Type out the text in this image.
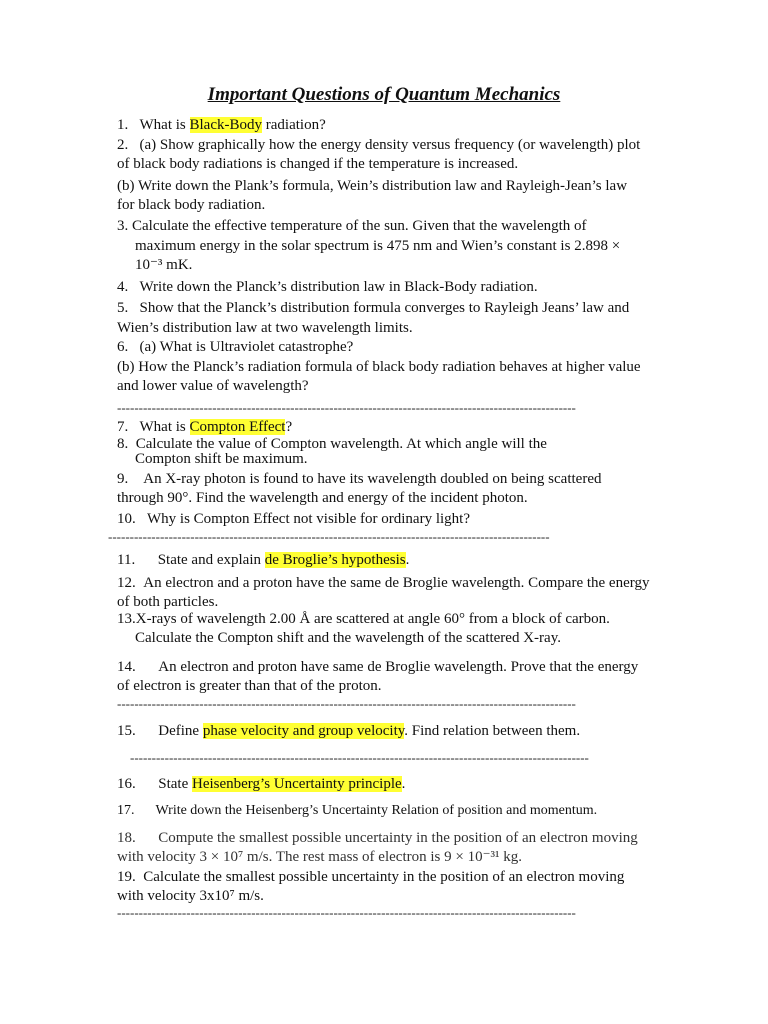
Important Questions of Quantum Mechanics
1.   What is Black-Body radiation?
2.   (a) Show graphically how the energy density versus frequency (or wavelength) plot
of black body radiations is changed if the temperature is increased.
(b) Write down the Plank’s formula, Wein’s distribution law and Rayleigh-Jean’s law
for black body radiation.
3. Calculate the effective temperature of the sun. Given that the wavelength of
maximum energy in the solar spectrum is 475 nm and Wien’s constant is 2.898 ×
10⁻³ mK.
4.   Write down the Planck’s distribution law in Black-Body radiation.
5.   Show that the Planck’s distribution formula converges to Rayleigh Jeans’ law and
Wien’s distribution law at two wavelength limits.
6.   (a) What is Ultraviolet catastrophe?
(b) How the Planck’s radiation formula of black body radiation behaves at higher value
and lower value of wavelength?
----------------------------------------------------------------------------------------------------------
7.   What is Compton Effect?
8.  Calculate the value of Compton wavelength. At which angle will the
Compton shift be maximum.
9.    An X-ray photon is found to have its wavelength doubled on being scattered
through 90°. Find the wavelength and energy of the incident photon.
10.   Why is Compton Effect not visible for ordinary light?
------------------------------------------------------------------------------------------------------
11.      State and explain de Broglie’s hypothesis.
12.  An electron and a proton have the same de Broglie wavelength. Compare the energy
of both particles.
13.X-rays of wavelength 2.00 Å are scattered at angle 60° from a block of carbon.
Calculate the Compton shift and the wavelength of the scattered X-ray.
14.      An electron and proton have same de Broglie wavelength. Prove that the energy
of electron is greater than that of the proton.
----------------------------------------------------------------------------------------------------------
15.      Define phase velocity and group velocity. Find relation between them.
----------------------------------------------------------------------------------------------------------
16.      State Heisenberg’s Uncertainty principle.
17.      Write down the Heisenberg’s Uncertainty Relation of position and momentum.
18.      Compute the smallest possible uncertainty in the position of an electron moving
with velocity 3 × 10⁷ m/s. The rest mass of electron is 9 × 10⁻³¹ kg.
19.  Calculate the smallest possible uncertainty in the position of an electron moving
with velocity 3x10⁷ m/s.
----------------------------------------------------------------------------------------------------------
